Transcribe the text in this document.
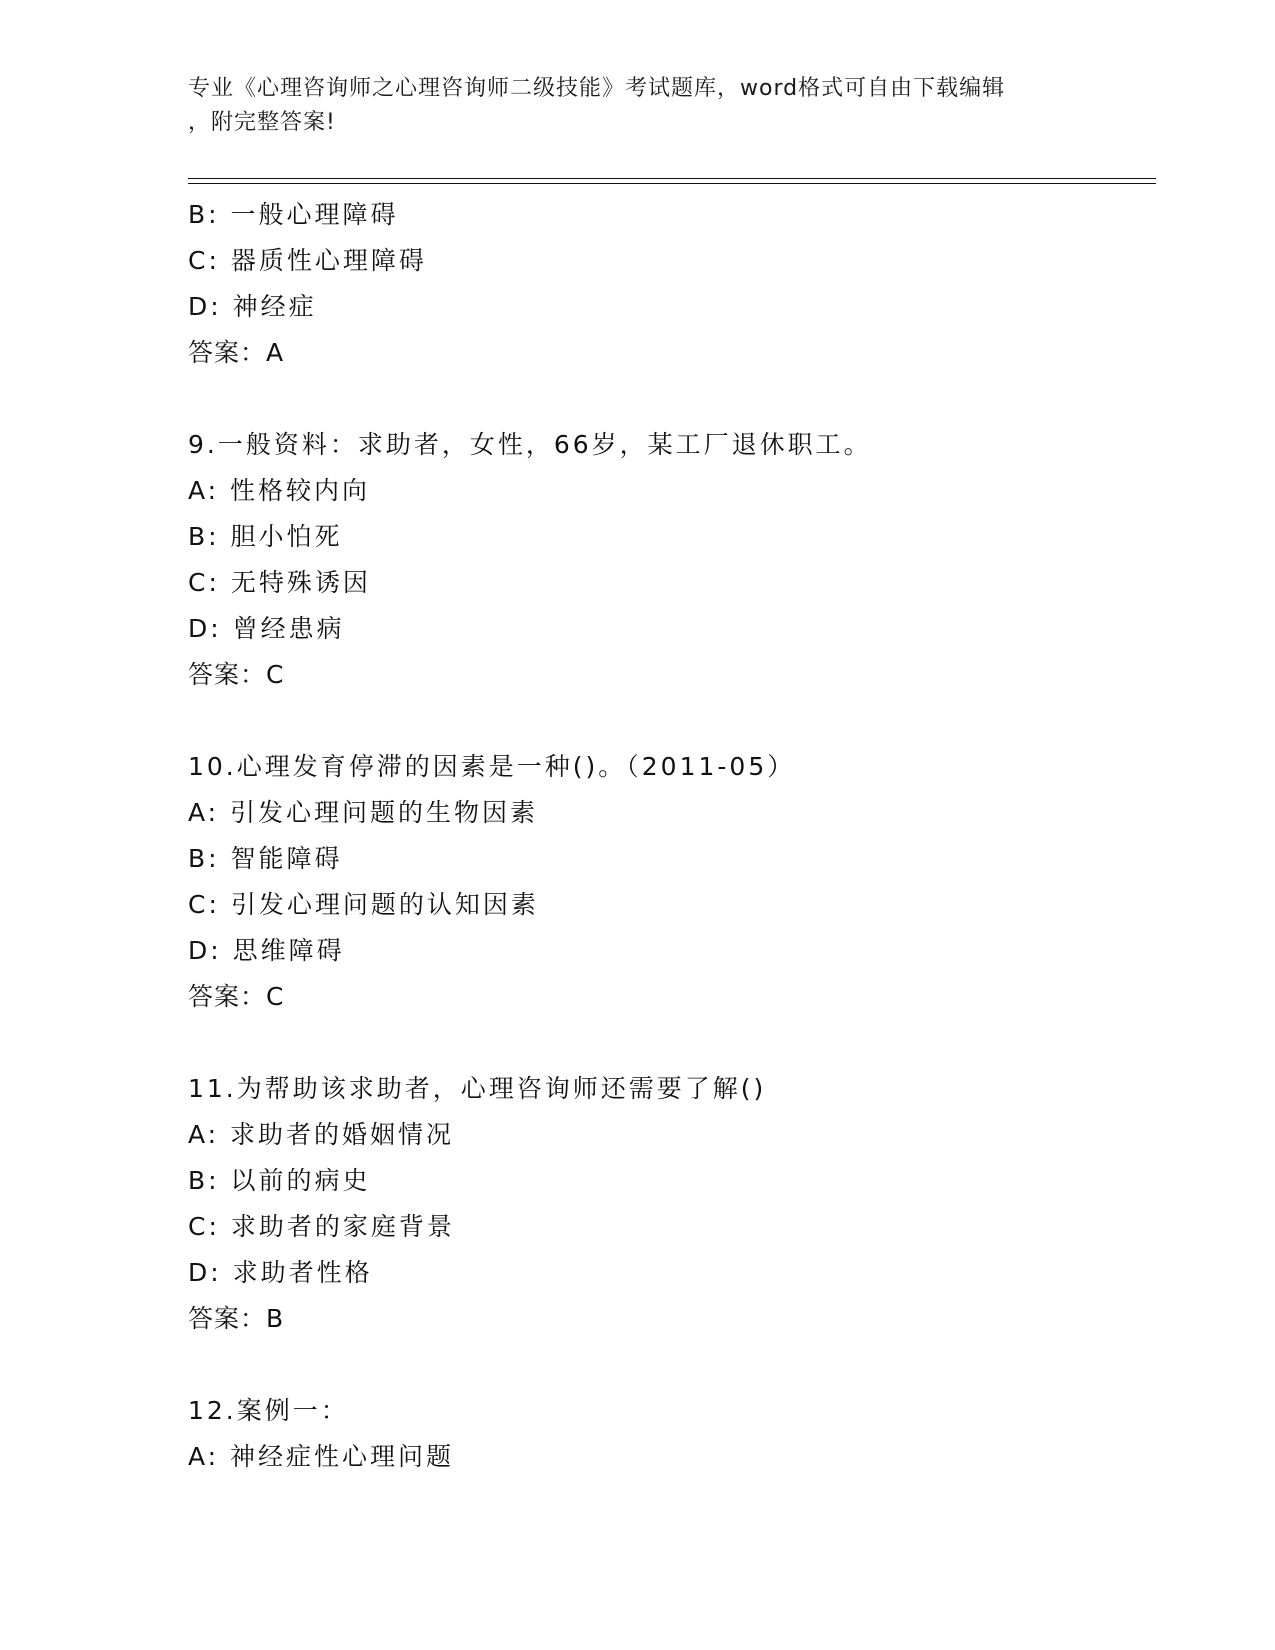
专业《心理咨询师之心理咨询师二级技能》考试题库，word格式可自由下载编辑
，附完整答案!
B: 一般心理障碍
C: 器质性心理障碍
D: 神经症
答案：A
9.一般资料：求助者，女性，66岁，某工厂退休职工。
A: 性格较内向
B: 胆小怕死
C: 无特殊诱因
D: 曾经患病
答案：C
10.心理发育停滞的因素是一种()。（2011-05）
A: 引发心理问题的生物因素
B: 智能障碍
C: 引发心理问题的认知因素
D: 思维障碍
答案：C
11.为帮助该求助者，心理咨询师还需要了解()
A: 求助者的婚姻情况
B: 以前的病史
C: 求助者的家庭背景
D: 求助者性格
答案：B
12.案例一：
A: 神经症性心理问题
